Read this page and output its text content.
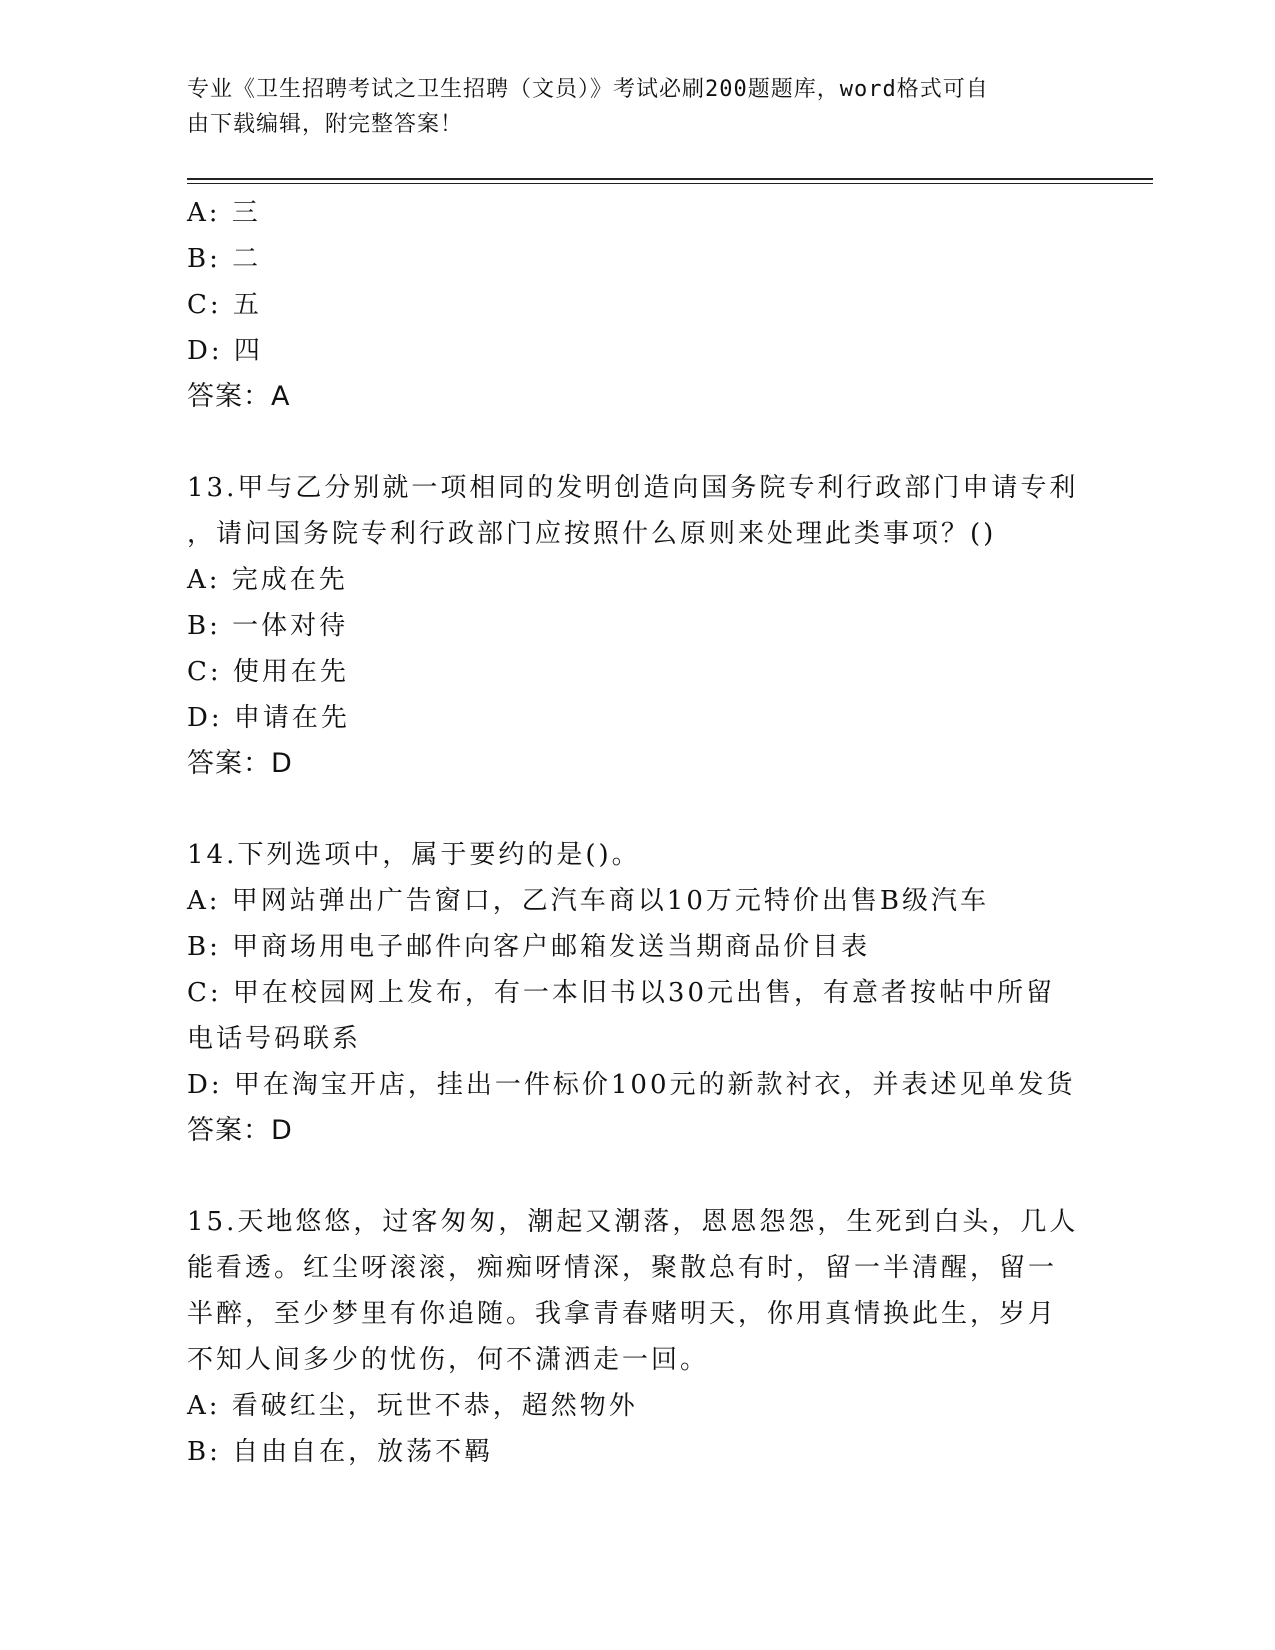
专业《卫生招聘考试之卫生招聘（文员）》考试必刷200题题库，word格式可自
由下载编辑，附完整答案！
A: 三
B: 二
C: 五
D: 四
答案：A
13.甲与乙分别就一项相同的发明创造向国务院专利行政部门申请专利
，请问国务院专利行政部门应按照什么原则来处理此类事项？()
A: 完成在先
B: 一体对待
C: 使用在先
D: 申请在先
答案：D
14.下列选项中，属于要约的是()。
A: 甲网站弹出广告窗口，乙汽车商以10万元特价出售B级汽车
B: 甲商场用电子邮件向客户邮箱发送当期商品价目表
C: 甲在校园网上发布，有一本旧书以30元出售，有意者按帖中所留
电话号码联系
D: 甲在淘宝开店，挂出一件标价100元的新款衬衣，并表述见单发货
答案：D
15.天地悠悠，过客匆匆，潮起又潮落，恩恩怨怨，生死到白头，几人
能看透。红尘呀滚滚，痴痴呀情深，聚散总有时，留一半清醒，留一
半醉，至少梦里有你追随。我拿青春赌明天，你用真情换此生，岁月
不知人间多少的忧伤，何不潇洒走一回。
A: 看破红尘，玩世不恭，超然物外
B: 自由自在，放荡不羁
